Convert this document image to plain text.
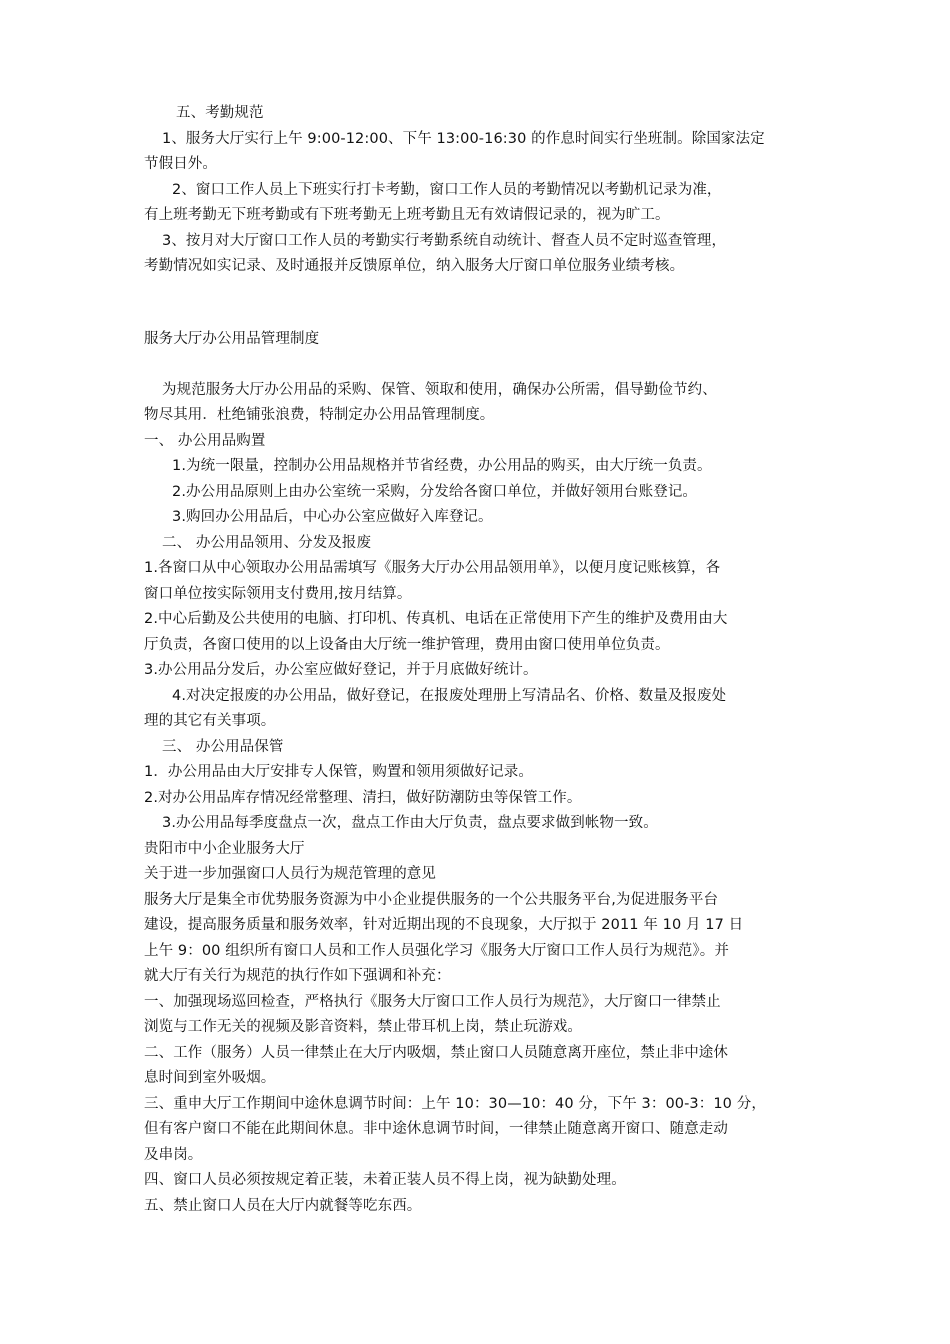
五、考勤规范
1、服务大厅实行上午 9:00-12:00、下午 13:00-16:30 的作息时间实行坐班制。除国家法定
节假日外。
2、窗口工作人员上下班实行打卡考勤，窗口工作人员的考勤情况以考勤机记录为准，
有上班考勤无下班考勤或有下班考勤无上班考勤且无有效请假记录的，视为旷工。
3、按月对大厅窗口工作人员的考勤实行考勤系统自动统计、督查人员不定时巡查管理，
考勤情况如实记录、及时通报并反馈原单位，纳入服务大厅窗口单位服务业绩考核。
服务大厅办公用品管理制度
为规范服务大厅办公用品的采购、保管、领取和使用，确保办公所需，倡导勤俭节约、
物尽其用．杜绝铺张浪费，特制定办公用品管理制度。
一、 办公用品购置
1.为统一限量，控制办公用品规格并节省经费，办公用品的购买，由大厅统一负责。
2.办公用品原则上由办公室统一采购，分发给各窗口单位，并做好领用台账登记。
3.购回办公用品后，中心办公室应做好入库登记。
二、 办公用品领用、分发及报废
1.各窗口从中心领取办公用品需填写《服务大厅办公用品领用单》，以便月度记账核算，各
窗口单位按实际领用支付费用,按月结算。
2.中心后勤及公共使用的电脑、打印机、传真机、电话在正常使用下产生的维护及费用由大
厅负责，各窗口使用的以上设备由大厅统一维护管理，费用由窗口使用单位负责。
3.办公用品分发后，办公室应做好登记，并于月底做好统计。
4.对决定报废的办公用品，做好登记，在报废处理册上写清品名、价格、数量及报废处
理的其它有关事项。
三、 办公用品保管
1．办公用品由大厅安排专人保管，购置和领用须做好记录。
2.对办公用品库存情况经常整理、清扫，做好防潮防虫等保管工作。
3.办公用品每季度盘点一次，盘点工作由大厅负责，盘点要求做到帐物一致。
贵阳市中小企业服务大厅
关于进一步加强窗口人员行为规范管理的意见
服务大厅是集全市优势服务资源为中小企业提供服务的一个公共服务平台,为促进服务平台
建设，提高服务质量和服务效率，针对近期出现的不良现象，大厅拟于 2011 年 10 月 17 日
上午 9：00 组织所有窗口人员和工作人员强化学习《服务大厅窗口工作人员行为规范》。并
就大厅有关行为规范的执行作如下强调和补充：
一、加强现场巡回检查，严格执行《服务大厅窗口工作人员行为规范》，大厅窗口一律禁止
浏览与工作无关的视频及影音资料，禁止带耳机上岗，禁止玩游戏。
二、工作（服务）人员一律禁止在大厅内吸烟，禁止窗口人员随意离开座位，禁止非中途休
息时间到室外吸烟。
三、重申大厅工作期间中途休息调节时间：上午 10：30—10：40 分，下午 3：00-3：10 分，
但有客户窗口不能在此期间休息。非中途休息调节时间，一律禁止随意离开窗口、随意走动
及串岗。
四、窗口人员必须按规定着正装，未着正装人员不得上岗，视为缺勤处理。
五、禁止窗口人员在大厅内就餐等吃东西。
